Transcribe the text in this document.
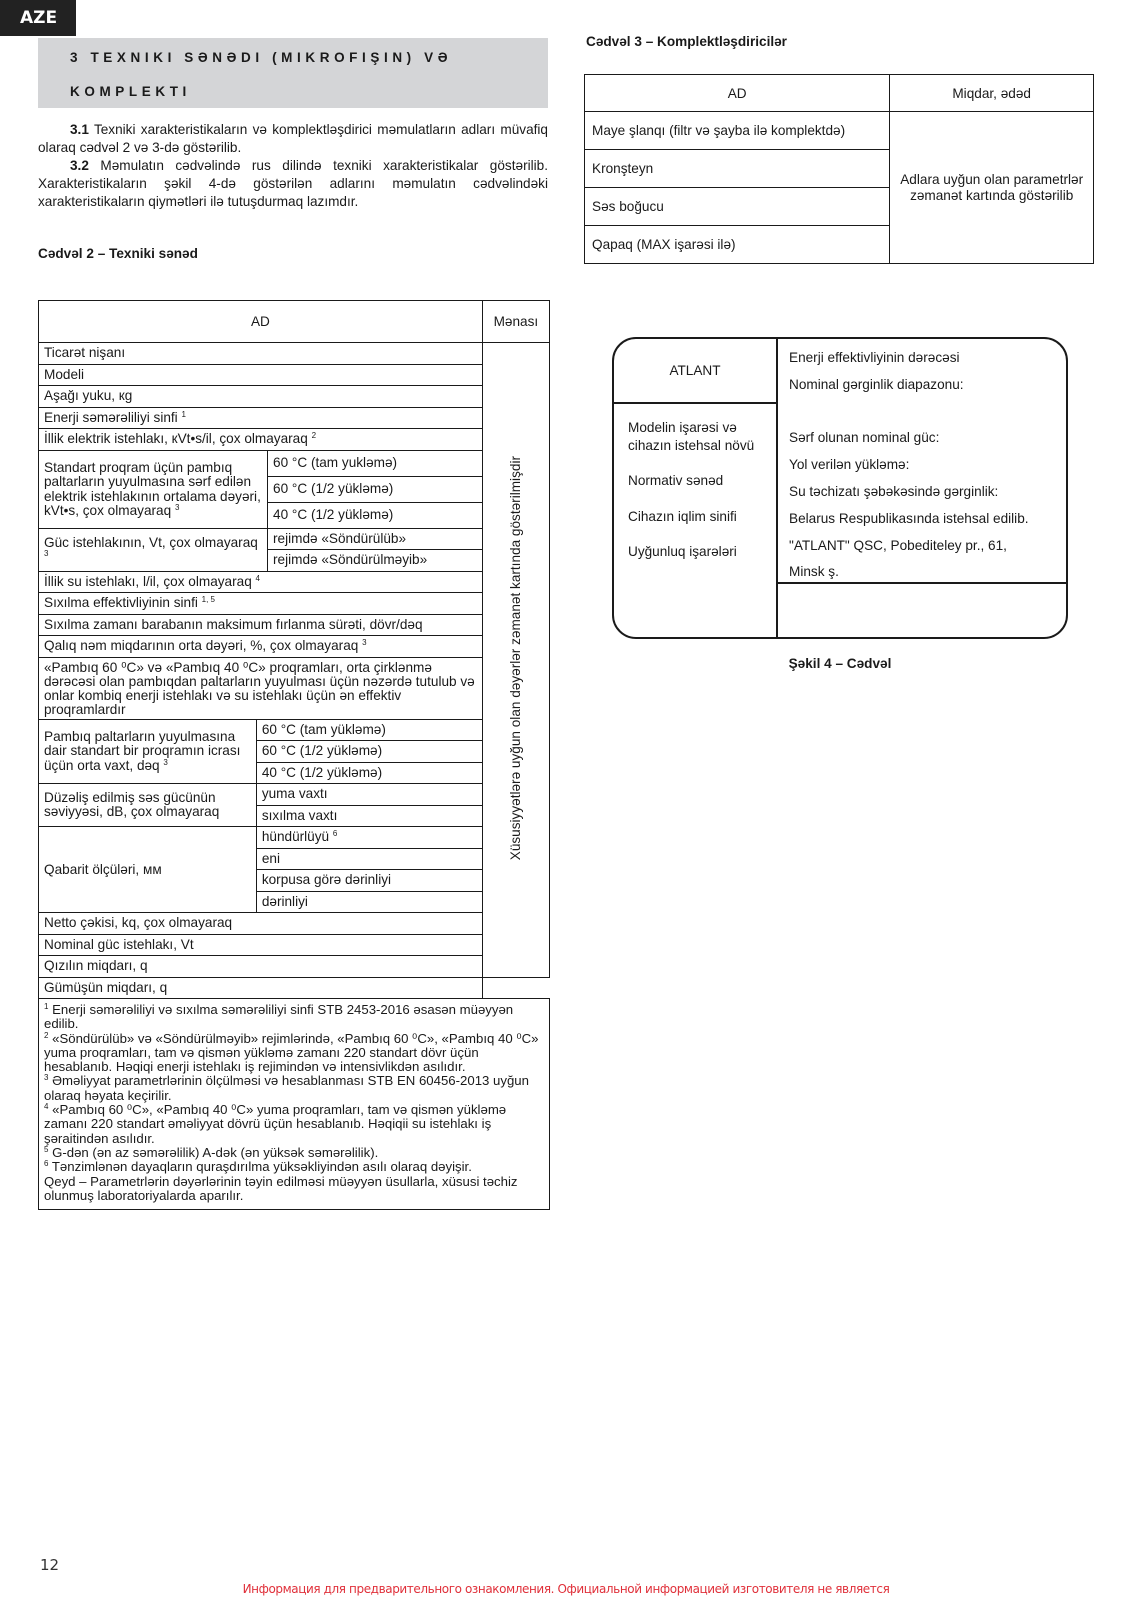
AZE
3 TEXNIKI SƏNƏDI (MIKROFIŞIN) VƏ
KOMPLEKTI

3.1 Texniki xarakteristikaların və komplektləşdirici məmulatların adları müvafiq olaraq cədvəl 2 və 3-də göstərilib.

3.2 Məmulatın cədvəlində rus dilində texniki xarakteristikalar göstərilib. Xarakteristikaların şəkil 4-də göstərilən adlarını məmulatın cədvəlindəki xarakteristikaların qiymətləri ilə tutuşdurmaq lazımdır.

Cədvəl 2 – Texniki sənəd
AD			Mənası
Ticarət nişanı			Xüsusiyyətlərə uyğun olan dəyərlər zəmanət kartında göstərilmişdir
Modeli			
Aşağı yuku, кg			
Enerji səmərəliliyi sinfi $^1$
İllik elektrik istehlakı, кVt•s/il, çox olmayaraq $^2$
Standart proqram üçün pambıq paltarların yuyulmasına sərf edilən elektrik istehlakının ortalama dəyəri, kVt•s, çox olmayaraq $^3$		60 °C (tam yukləmə)	
		60 °C (1/2 yükləmə)	
		40 °C (1/2 yükləmə)	
Güc istehlakının, Vt, çox olmayaraq $^3$		rejimdə «Söndürülüb»	
		rejimdə «Söndürülməyib»	
İllik su istehlakı, l/il, çox olmayaraq $^4$
Sıxılma effektivliyinin sinfi $^{1, 5}$
Sıxılma zamanı barabanın maksimum fırlanma sürəti, dövr/dəq			
Qalıq nəm miqdarının orta dəyəri, %, çox olmayaraq $^3$
«Pambıq 60 ⁰C» və «Pambıq 40 ⁰C» proqramları, orta çirklənmə dərəcəsi olan pambıqdan paltarların yuyulması üçün nəzərdə tutulub və onlar kombiq enerji istehlakı və su istehlakı üçün ən effektiv proqramlardır			
Pambıq paltarların yuyulmasına dair standart bir proqramın icrası üçün orta vaxt, dəq $^3$	60 °C (tam yükləmə)		
	60 °C (1/2 yükləmə)		
	40 °C (1/2 yükləmə)		
Düzəliş edilmiş səs gücünün səviyyəsi, dB, çox olmayaraq	yuma vaxtı		
	sıxılma vaxtı		
Qabarit ölçüləri, мм	hündürlüyü $^6$
	eni		
	korpusa görə dərinliyi		
	dərinliyi		
Netto çəkisi, kq, çox olmayaraq			
Nominal güc istehlakı, Vt			
Qızılın miqdarı, q			
Gümüşün miqdarı, q			

$^1$ Enerji səmərəliliyi və sıxılma səmərəliliyi sinfi STB 2453-2016 əsasən müəyyən edilib.
$^2$ «Söndürülüb» və «Söndürülməyib» rejimlərində, «Pambıq 60 ⁰C», «Pambıq 40 ⁰C» yuma proqramları, tam və qismən yükləmə zamanı 220 standart dövr üçün hesablanıb. Həqiqi enerji istehlakı iş rejimindən və intensivlikdən asılıdır.
$^3$ Əməliyyat parametrlərinin ölçülməsi və hesablanması STB EN 60456-2013 uyğun olaraq həyata keçirilir.
$^4$ «Pambıq 60 ⁰C», «Pambıq 40 ⁰C» yuma proqramları, tam və qismən yükləmə zamanı 220 standart əməliyyat dövrü üçün hesablanıb. Həqiqii su istehlakı iş şəraitindən asılıdır.
$^5$ G-dən (ən az səmərəlilik) A-dək (ən yüksək səmərəlilik).
$^6$ Tənzimlənən dayaqların quraşdırılma yüksəkliyindən asılı olaraq dəyişir.
Qeyd – Parametrlərin dəyərlərinin təyin edilməsi müəyyən üsullarla, xüsusi təchiz olunmuş laboratoriyalarda aparılır.
Cədvəl 3 – Komplektləşdiricilər
AD	Miqdar, ədəd
Maye şlanqı (filtr və şayba ilə komplektdə)	Adlara uyğun olan parametrlər zəmanət kartında göstərilib
Kronşteyn	
Səs boğucu	
Qapaq (MAX işarəsi ilə)	
ATLANT
Modelin işarəsi və cihazın istehsal növü
Normativ sənəd
Cihazın iqlim sinifi
Uyğunluq işarələri
Enerji effektivliyinin dərəcəsi
Nominal gərginlik diapazonu:
Sərf olunan nominal güc:
Yol verilən yükləmə:
Su təchizatı şəbəkəsində gərginlik:
Belarus Respublikasında istehsal edilib.
"ATLANT" QSC, Pobediteley pr., 61,
Minsk ş.
Şəkil 4 – Cədvəl
12
Информация для предварительного ознакомления. Официальной информацией изготовителя не является
